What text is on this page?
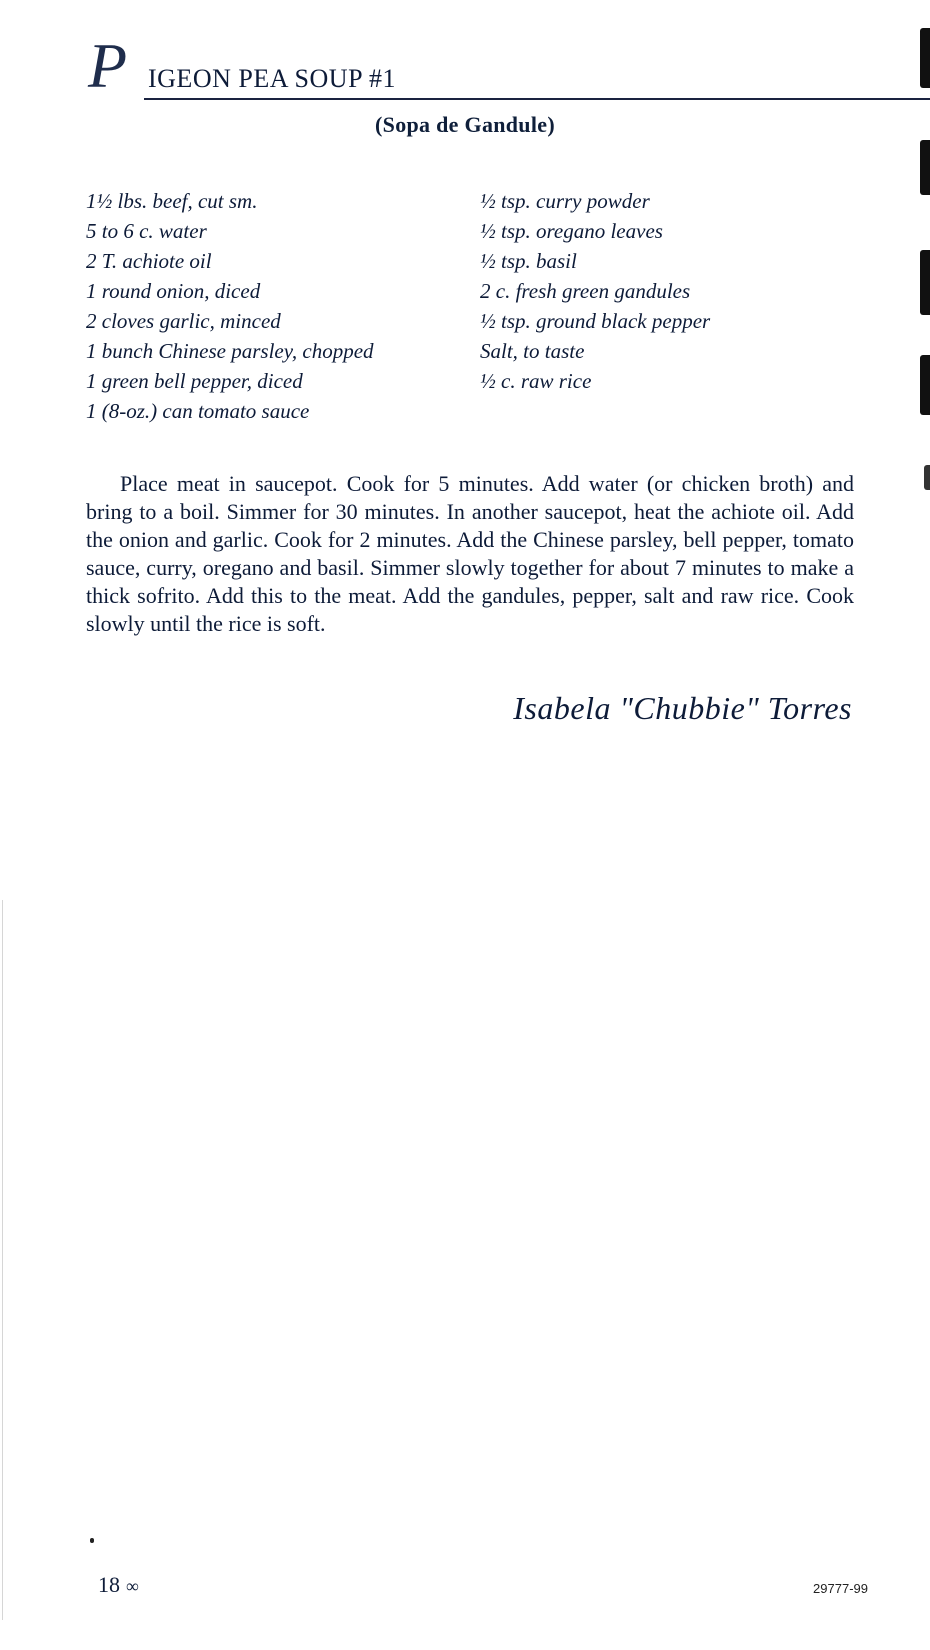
P IGEON PEA SOUP #1
(Sopa de Gandule)
1½ lbs. beef, cut sm.
5 to 6 c. water
2 T. achiote oil
1 round onion, diced
2 cloves garlic, minced
1 bunch Chinese parsley, chopped
1 green bell pepper, diced
1 (8-oz.) can tomato sauce
½ tsp. curry powder
½ tsp. oregano leaves
½ tsp. basil
2 c. fresh green gandules
½ tsp. ground black pepper
Salt, to taste
½ c. raw rice

Place meat in saucepot. Cook for 5 minutes. Add water (or chicken broth) and bring to a boil. Simmer for 30 minutes. In another saucepot, heat the achiote oil. Add the onion and garlic. Cook for 2 minutes. Add the Chinese parsley, bell pepper, tomato sauce, curry, oregano and basil. Simmer slowly together for about 7 minutes to make a thick sofrito. Add this to the meat. Add the gandules, pepper, salt and raw rice. Cook slowly until the rice is soft.

Isabela "Chubbie" Torres
18 ∞	29777-99
